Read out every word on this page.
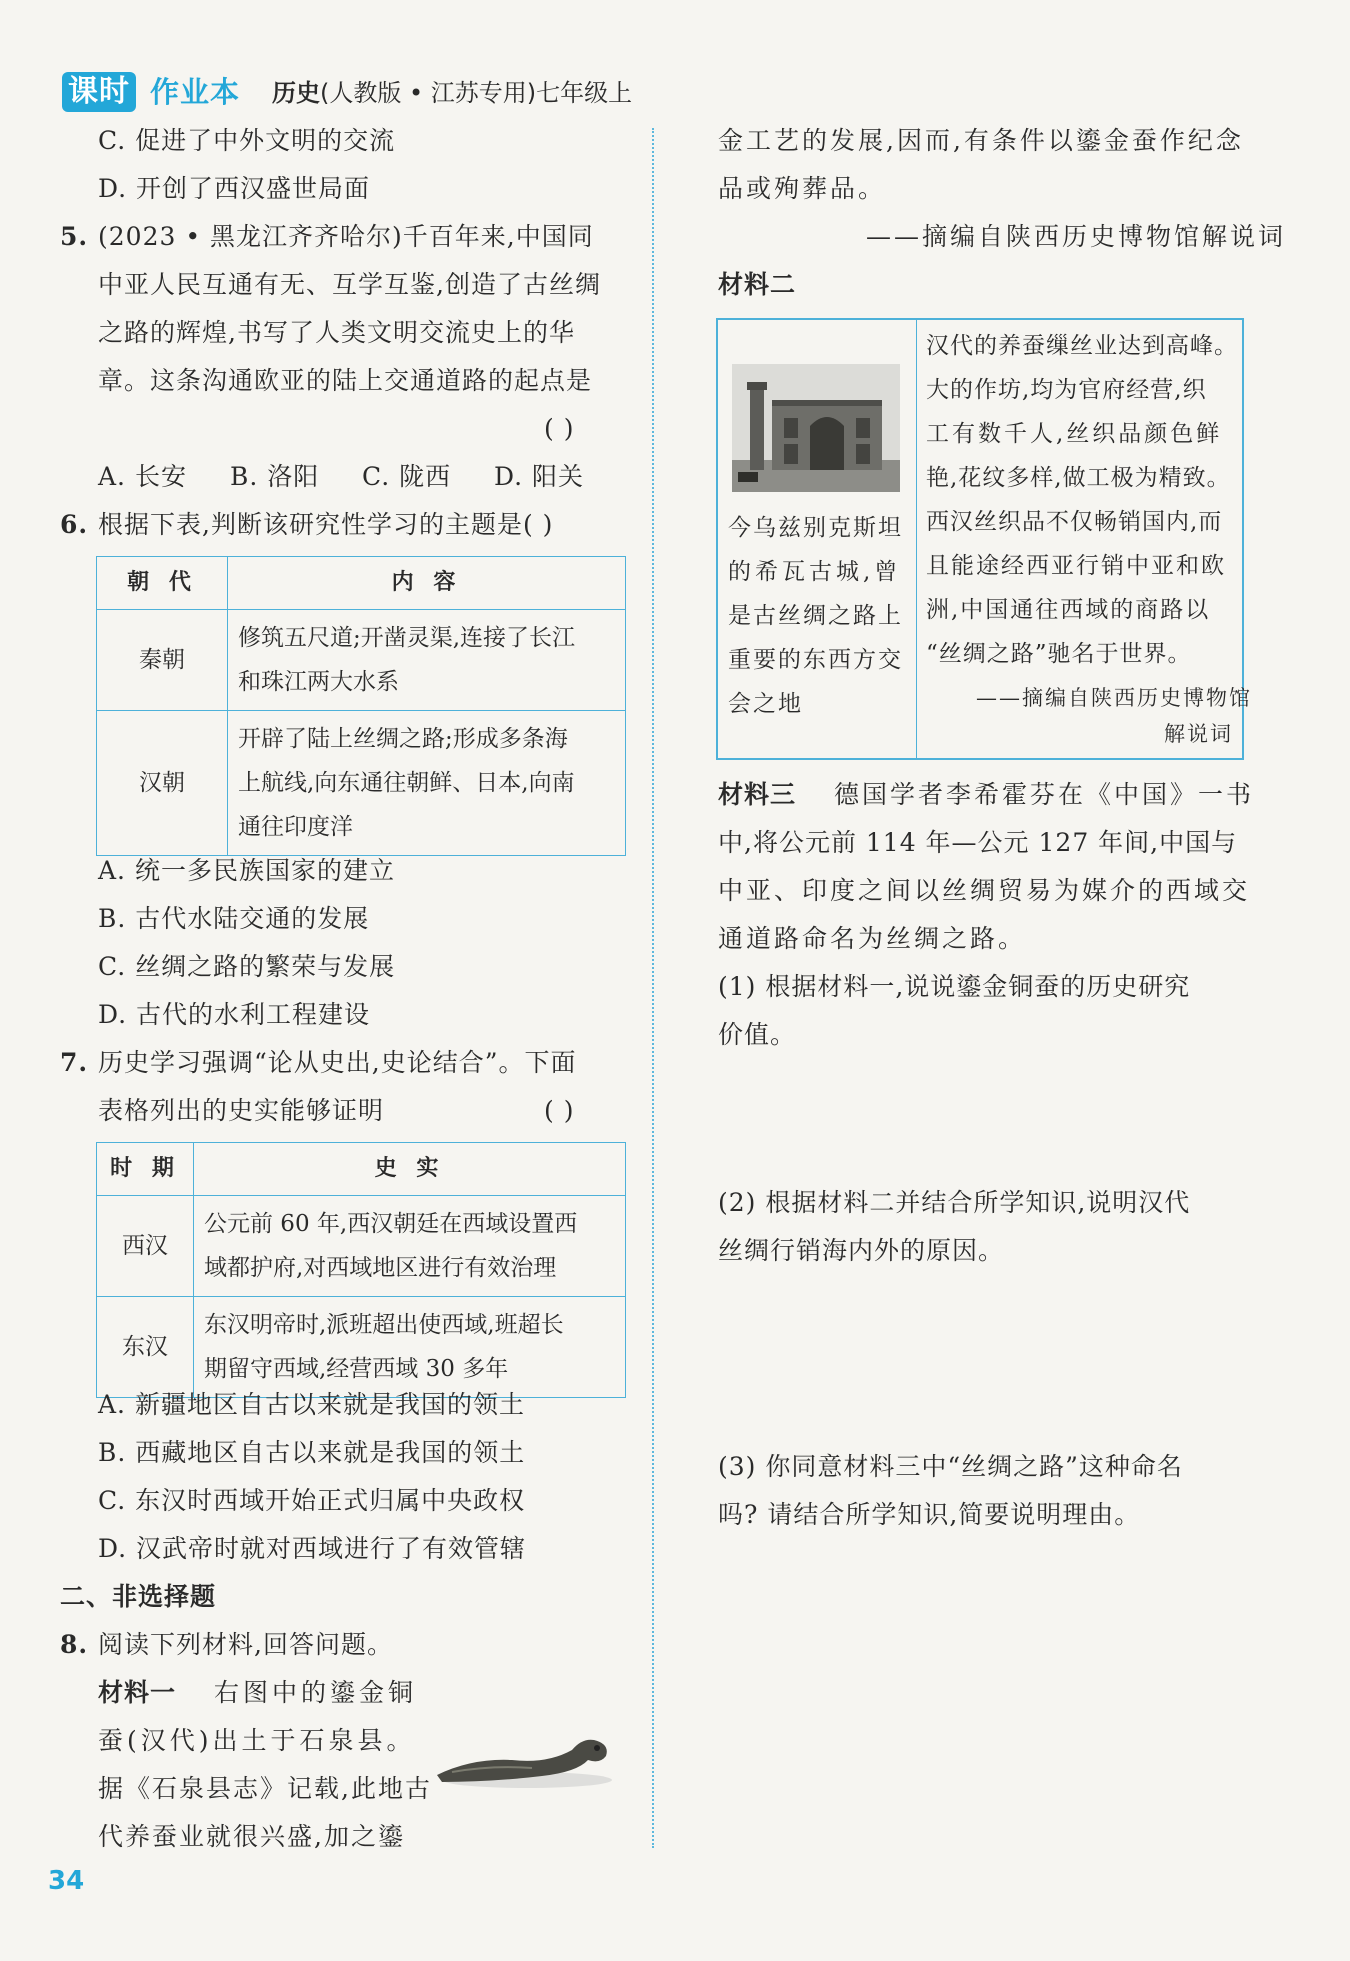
课时 作业本 历史(人教版 • 江苏专用)七年级上
C. 促进了中外文明的交流
D. 开创了西汉盛世局面
5. (2023 • 黑龙江齐齐哈尔)千百年来,中国同
中亚人民互通有无、互学互鉴,创造了古丝绸
之路的辉煌,书写了人类文明交流史上的华
章。这条沟通欧亚的陆上交通道路的起点是
( )
A. 长安 B. 洛阳 C. 陇西 D. 阳关
6. 根据下表,判断该研究性学习的主题是( )
朝 代	内 容
秦朝	修筑五尺道;开凿灵渠,连接了长江
和珠江两大水系

汉朝	开辟了陆上丝绸之路;形成多条海
上航线,向东通往朝鲜、日本,向南
通往印度洋
A. 统一多民族国家的建立
B. 古代水陆交通的发展
C. 丝绸之路的繁荣与发展
D. 古代的水利工程建设
7. 历史学习强调“论从史出,史论结合”。下面
表格列出的史实能够证明	( )
时 期	史 实
西汉	公元前 60 年,西汉朝廷在西域设置西
域都护府,对西域地区进行有效治理

东汉	东汉明帝时,派班超出使西域,班超长
期留守西域,经营西域 30 多年
A. 新疆地区自古以来就是我国的领土
B. 西藏地区自古以来就是我国的领土
C. 东汉时西域开始正式归属中央政权
D. 汉武帝时就对西域进行了有效管辖
二、非选择题
8. 阅读下列材料,回答问题。
材料一 右图中的鎏金铜
蚕(汉代)出土于石泉县。
据《石泉县志》记载,此地古
代养蚕业就很兴盛,加之鎏
金工艺的发展,因而,有条件以鎏金蚕作纪念
品或殉葬品。
——摘编自陕西历史博物馆解说词
材料二
今乌兹别克斯坦
的希瓦古城,曾
是古丝绸之路上
重要的东西方交
会之地
汉代的养蚕缫丝业达到高峰。
大的作坊,均为官府经营,织
工有数千人,丝织品颜色鲜
艳,花纹多样,做工极为精致。
西汉丝织品不仅畅销国内,而
且能途经西亚行销中亚和欧
洲,中国通往西域的商路以
“丝绸之路”驰名于世界。
——摘编自陕西历史博物馆
解说词
材料三 德国学者李希霍芬在《中国》一书
中,将公元前 114 年—公元 127 年间,中国与
中亚、印度之间以丝绸贸易为媒介的西域交
通道路命名为丝绸之路。
(1) 根据材料一,说说鎏金铜蚕的历史研究
价值。
(2) 根据材料二并结合所学知识,说明汉代
丝绸行销海内外的原因。
(3) 你同意材料三中“丝绸之路”这种命名
吗? 请结合所学知识,简要说明理由。
34
